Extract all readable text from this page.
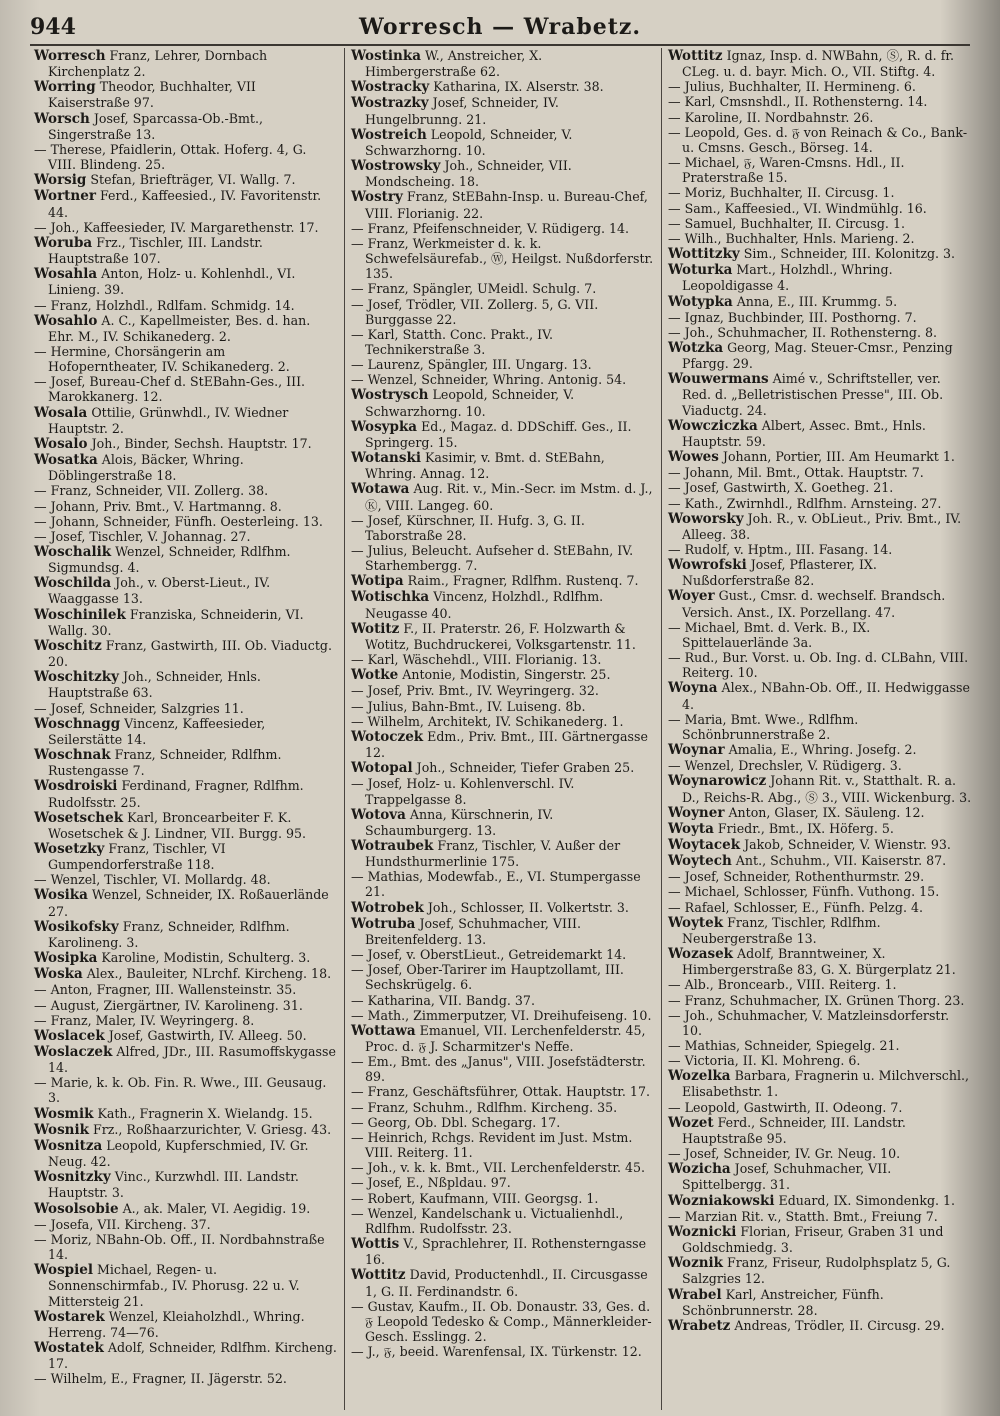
944	Worresch — Wrabetz.
Worresch Franz, Lehrer, Dornbach Kirchenplatz 2.
Worring Theodor, Buchhalter, VII Kaiserstraße 97.
Worsch Josef, Sparcassa-Ob.-Bmt., Singerstraße 13.
— Therese, Pfaidlerin, Ottak. Hoferg. 4, G. VIII. Blindeng. 25.
Worsig Stefan, Briefträger, VI. Wallg. 7.
Wortner Ferd., Kaffeesied., IV. Favoritenstr. 44.
— Joh., Kaffeesieder, IV. Margarethenstr. 17.
Woruba Frz., Tischler, III. Landstr. Hauptstraße 107.
Wosahla Anton, Holz- u. Kohlenhdl., VI. Linieng. 39.
— Franz, Holzhdl., Rdlfam. Schmidg. 14.
Wosahlo A. C., Kapellmeister, Bes. d. han. Ehr. M., IV. Schikanederg. 2.
— Hermine, Chorsängerin am Hofoperntheater, IV. Schikanederg. 2.
— Josef, Bureau-Chef d. StEBahn-Ges., III. Marokkanerg. 12.
Wosala Ottilie, Grünwhdl., IV. Wiedner Hauptstr. 2.
Wosalo Joh., Binder, Sechsh. Hauptstr. 17.
Wosatka Alois, Bäcker, Whring. Döblingerstraße 18.
— Franz, Schneider, VII. Zollerg. 38.
— Johann, Priv. Bmt., V. Hartmanng. 8.
— Johann, Schneider, Fünfh. Oesterleing. 13.
— Josef, Tischler, V. Johannag. 27.
Woschalik Wenzel, Schneider, Rdlfhm. Sigmundsg. 4.
Woschilda Joh., v. Oberst-Lieut., IV. Waaggasse 13.
Woschinilek Franziska, Schneiderin, VI. Wallg. 30.
Woschitz Franz, Gastwirth, III. Ob. Viaductg. 20.
Woschitzky Joh., Schneider, Hnls. Hauptstraße 63.
— Josef, Schneider, Salzgries 11.
Woschnagg Vincenz, Kaffeesieder, Seilerstätte 14.
Woschnak Franz, Schneider, Rdlfhm. Rustengasse 7.
Wosdroiski Ferdinand, Fragner, Rdlfhm. Rudolfsstr. 25.
Wosetschek Karl, Broncearbeiter F. K. Wosetschek & J. Lindner, VII. Burgg. 95.
Wosetzky Franz, Tischler, VI Gumpendorferstraße 118.
— Wenzel, Tischler, VI. Mollardg. 48.
Wosika Wenzel, Schneider, IX. Roßauerlände 27.
Wosikofsky Franz, Schneider, Rdlfhm. Karolineng. 3.
Wosipka Karoline, Modistin, Schulterg. 3.
Woska Alex., Bauleiter, NLrchf. Kircheng. 18.
— Anton, Fragner, III. Wallensteinstr. 35.
— August, Ziergärtner, IV. Karolineng. 31.
— Franz, Maler, IV. Weyringerg. 8.
Woslacek Josef, Gastwirth, IV. Alleeg. 50.
Woslaczek Alfred, JDr., III. Rasumoffskygasse 14.
— Marie, k. k. Ob. Fin. R. Wwe., III. Geusaug. 3.
Wosmik Kath., Fragnerin X. Wielandg. 15.
Wosnik Frz., Roßhaarzurichter, V. Griesg. 43.
Wosnitza Leopold, Kupferschmied, IV. Gr. Neug. 42.
Wosnitzky Vinc., Kurzwhdl. III. Landstr. Hauptstr. 3.
Wosolsobie A., ak. Maler, VI. Aegidig. 19.
— Josefa, VII. Kircheng. 37.
— Moriz, NBahn-Ob. Off., II. Nordbahnstraße 14.
Wospiel Michael, Regen- u. Sonnenschirmfab., IV. Phorusg. 22 u. V. Mittersteig 21.
Wostarek Wenzel, Kleiaholzhdl., Whring. Herreng. 74—76.
Wostatek Adolf, Schneider, Rdlfhm. Kircheng. 17.
— Wilhelm, E., Fragner, II. Jägerstr. 52.
Wostinka W., Anstreicher, X. Himbergerstraße 62.
Wostracky Katharina, IX. Alserstr. 38.
Wostrazky Josef, Schneider, IV. Hungelbrunng. 21.
Wostreich Leopold, Schneider, V. Schwarzhorng. 10.
Wostrowsky Joh., Schneider, VII. Mondscheing. 18.
Wostry Franz, StEBahn-Insp. u. Bureau-Chef, VIII. Florianig. 22.
— Franz, Pfeifenschneider, V. Rüdigerg. 14.
— Franz, Werkmeister d. k. k. Schwefelsäurefab., Ⓦ, Heilgst. Nußdorferstr. 135.
— Franz, Spängler, UMeidl. Schulg. 7.
— Josef, Trödler, VII. Zollerg. 5, G. VII. Burggasse 22.
— Karl, Statth. Conc. Prakt., IV. Technikerstraße 3.
— Laurenz, Spängler, III. Ungarg. 13.
— Wenzel, Schneider, Whring. Antonig. 54.
Wostrysch Leopold, Schneider, V. Schwarzhorng. 10.
Wosypka Ed., Magaz. d. DDSchiff. Ges., II. Springerg. 15.
Wotanski Kasimir, v. Bmt. d. StEBahn, Whring. Annag. 12.
Wotawa Aug. Rit. v., Min.-Secr. im Mstm. d. J., Ⓚ, VIII. Langeg. 60.
— Josef, Kürschner, II. Hufg. 3, G. II. Taborstraße 28.
— Julius, Beleucht. Aufseher d. StEBahn, IV. Starhembergg. 7.
Wotipa Raim., Fragner, Rdlfhm. Rustenq. 7.
Wotischka Vincenz, Holzhdl., Rdlfhm. Neugasse 40.
Wotitz F., II. Praterstr. 26, F. Holzwarth & Wotitz, Buchdruckerei, Volksgartenstr. 11.
— Karl, Wäschehdl., VIII. Florianig. 13.
Wotke Antonie, Modistin, Singerstr. 25.
— Josef, Priv. Bmt., IV. Weyringerg. 32.
— Julius, Bahn-Bmt., IV. Luiseng. 8b.
— Wilhelm, Architekt, IV. Schikanederg. 1.
Wotoczek Edm., Priv. Bmt., III. Gärtnergasse 12.
Wotopal Joh., Schneider, Tiefer Graben 25.
— Josef, Holz- u. Kohlenverschl. IV. Trappelgasse 8.
Wotova Anna, Kürschnerin, IV. Schaumburgerg. 13.
Wotraubek Franz, Tischler, V. Außer der Hundsthurmerlinie 175.
— Mathias, Modewfab., E., VI. Stumpergasse 21.
Wotrobek Joh., Schlosser, II. Volkertstr. 3.
Wotruba Josef, Schuhmacher, VIII. Breitenfelderg. 13.
— Josef, v. OberstLieut., Getreidemarkt 14.
— Josef, Ober-Tarirer im Hauptzollamt, III. Sechskrügelg. 6.
— Katharina, VII. Bandg. 37.
— Math., Zimmerputzer, VI. Dreihufeiseng. 10.
Wottawa Emanuel, VII. Lerchenfelderstr. 45, Proc. d. 𝔉 J. Scharmitzer's Neffe.
— Em., Bmt. des „Janus", VIII. Josefstädterstr. 89.
— Franz, Geschäftsführer, Ottak. Hauptstr. 17.
— Franz, Schuhm., Rdlfhm. Kircheng. 35.
— Georg, Ob. Dbl. Schegarg. 17.
— Heinrich, Rchgs. Revident im Just. Mstm. VIII. Reiterg. 11.
— Joh., v. k. k. Bmt., VII. Lerchenfelderstr. 45.
— Josef, E., Nßpldau. 97.
— Robert, Kaufmann, VIII. Georgsg. 1.
— Wenzel, Kandelschank u. Victualienhdl., Rdlfhm. Rudolfsstr. 23.
Wottis V., Sprachlehrer, II. Rothensterngasse 16.
Wottitz David, Productenhdl., II. Circusgasse 1, G. II. Ferdinandstr. 6.
— Gustav, Kaufm., II. Ob. Donaustr. 33, Ges. d. 𝔉 Leopold Tedesko & Comp., Männerkleider-Gesch. Esslingg. 2.
— J., 𝔉, beeid. Warenfensal, IX. Türkenstr. 12.
Wottitz Ignaz, Insp. d. NWBahn, Ⓢ, R. d. fr. CLeg. u. d. bayr. Mich. O., VII. Stiftg. 4.
— Julius, Buchhalter, II. Hermineng. 6.
— Karl, Cmsnshdl., II. Rothensterng. 14.
— Karoline, II. Nordbahnstr. 26.
— Leopold, Ges. d. 𝔉 von Reinach & Co., Bank- u. Cmsns. Gesch., Börseg. 14.
— Michael, 𝔉, Waren-Cmsns. Hdl., II. Praterstraße 15.
— Moriz, Buchhalter, II. Circusg. 1.
— Sam., Kaffeesied., VI. Windmühlg. 16.
— Samuel, Buchhalter, II. Circusg. 1.
— Wilh., Buchhalter, Hnls. Marieng. 2.
Wottitzky Sim., Schneider, III. Kolonitzg. 3.
Woturka Mart., Holzhdl., Whring. Leopoldigasse 4.
Wotypka Anna, E., III. Krummg. 5.
— Ignaz, Buchbinder, III. Posthorng. 7.
— Joh., Schuhmacher, II. Rothensterng. 8.
Wotzka Georg, Mag. Steuer-Cmsr., Penzing Pfargg. 29.
Wouwermans Aimé v., Schriftsteller, ver. Red. d. „Belletristischen Presse", III. Ob. Viaductg. 24.
Wowcziczka Albert, Assec. Bmt., Hnls. Hauptstr. 59.
Wowes Johann, Portier, III. Am Heumarkt 1.
— Johann, Mil. Bmt., Ottak. Hauptstr. 7.
— Josef, Gastwirth, X. Goetheg. 21.
— Kath., Zwirnhdl., Rdlfhm. Arnsteing. 27.
Woworsky Joh. R., v. ObLieut., Priv. Bmt., IV. Alleeg. 38.
— Rudolf, v. Hptm., III. Fasang. 14.
Wowrofski Josef, Pflasterer, IX. Nußdorferstraße 82.
Woyer Gust., Cmsr. d. wechself. Brandsch. Versich. Anst., IX. Porzellang. 47.
— Michael, Bmt. d. Verk. B., IX. Spittelauerlände 3a.
— Rud., Bur. Vorst. u. Ob. Ing. d. CLBahn, VIII. Reiterg. 10.
Woyna Alex., NBahn-Ob. Off., II. Hedwiggasse 4.
— Maria, Bmt. Wwe., Rdlfhm. Schönbrunnerstraße 2.
Woynar Amalia, E., Whring. Josefg. 2.
— Wenzel, Drechsler, V. Rüdigerg. 3.
Woynarowicz Johann Rit. v., Statthalt. R. a. D., Reichs-R. Abg., Ⓢ 3., VIII. Wickenburg. 3.
Woyner Anton, Glaser, IX. Säuleng. 12.
Woyta Friedr., Bmt., IX. Höferg. 5.
Woytacek Jakob, Schneider, V. Wienstr. 93.
Woytech Ant., Schuhm., VII. Kaiserstr. 87.
— Josef, Schneider, Rothenthurmstr. 29.
— Michael, Schlosser, Fünfh. Vuthong. 15.
— Rafael, Schlosser, E., Fünfh. Pelzg. 4.
Woytek Franz, Tischler, Rdlfhm. Neubergerstraße 13.
Wozasek Adolf, Branntweiner, X. Himbergerstraße 83, G. X. Bürgerplatz 21.
— Alb., Broncearb., VIII. Reiterg. 1.
— Franz, Schuhmacher, IX. Grünen Thorg. 23.
— Joh., Schuhmacher, V. Matzleinsdorferstr. 10.
— Mathias, Schneider, Spiegelg. 21.
— Victoria, II. Kl. Mohreng. 6.
Wozelka Barbara, Fragnerin u. Milchverschl., Elisabethstr. 1.
— Leopold, Gastwirth, II. Odeong. 7.
Wozet Ferd., Schneider, III. Landstr. Hauptstraße 95.
— Josef, Schneider, IV. Gr. Neug. 10.
Wozicha Josef, Schuhmacher, VII. Spittelbergg. 31.
Wozniakowski Eduard, IX. Simondenkg. 1.
— Marzian Rit. v., Statth. Bmt., Freiung 7.
Woznicki Florian, Friseur, Graben 31 und Goldschmiedg. 3.
Woznik Franz, Friseur, Rudolphsplatz 5, G. Salzgries 12.
Wrabel Karl, Anstreicher, Fünfh. Schönbrunnerstr. 28.
Wrabetz Andreas, Trödler, II. Circusg. 29.
